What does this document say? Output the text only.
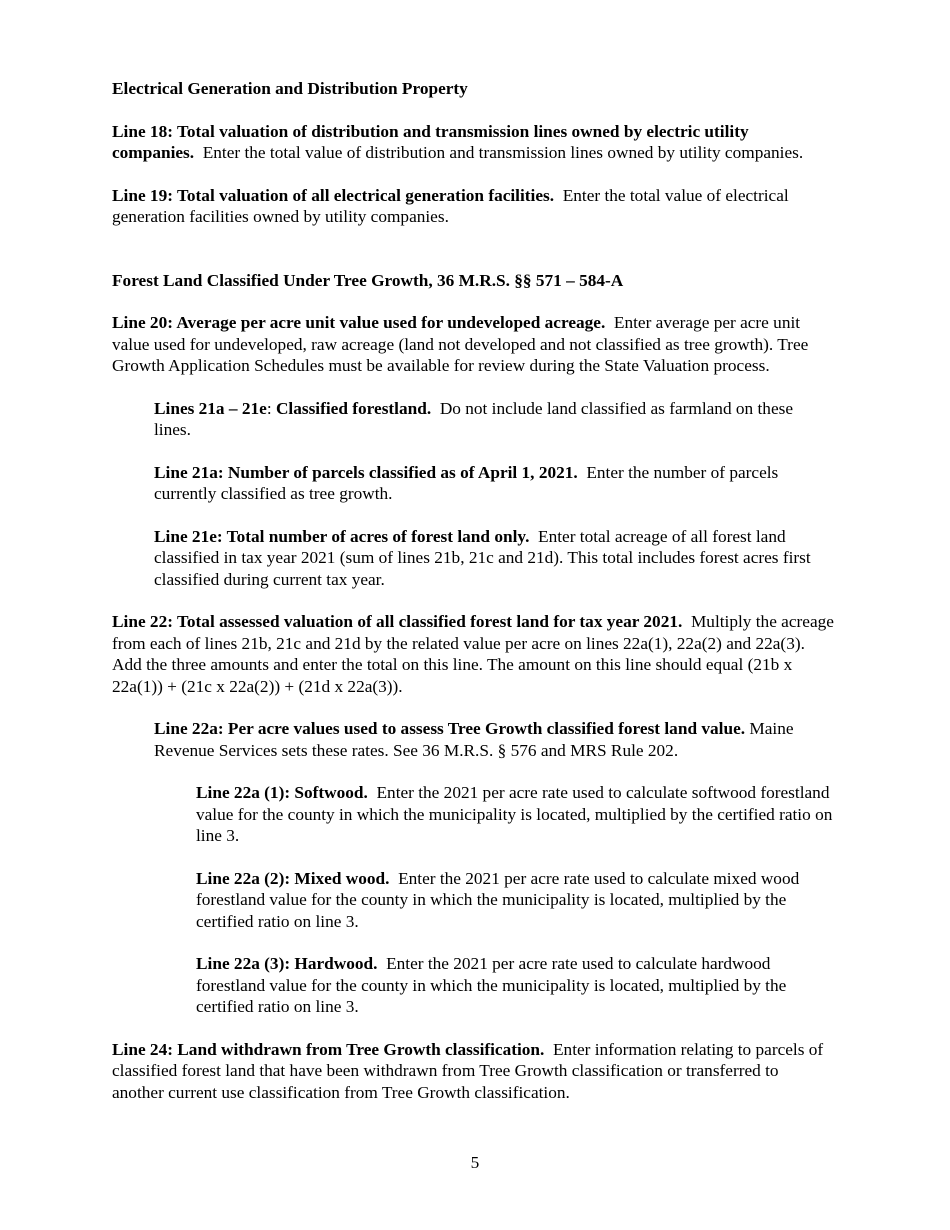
Electrical Generation and Distribution Property

Line 18: Total valuation of distribution and transmission lines owned by electric utility companies. Enter the total value of distribution and transmission lines owned by utility companies.

Line 19: Total valuation of all electrical generation facilities. Enter the total value of electrical generation facilities owned by utility companies.

Forest Land Classified Under Tree Growth, 36 M.R.S. §§ 571 – 584-A

Line 20: Average per acre unit value used for undeveloped acreage. Enter average per acre unit value used for undeveloped, raw acreage (land not developed and not classified as tree growth). Tree Growth Application Schedules must be available for review during the State Valuation process.

Lines 21a – 21e: Classified forestland. Do not include land classified as farmland on these lines.

Line 21a: Number of parcels classified as of April 1, 2021. Enter the number of parcels currently classified as tree growth.

Line 21e: Total number of acres of forest land only. Enter total acreage of all forest land classified in tax year 2021 (sum of lines 21b, 21c and 21d). This total includes forest acres first classified during current tax year.

Line 22: Total assessed valuation of all classified forest land for tax year 2021. Multiply the acreage from each of lines 21b, 21c and 21d by the related value per acre on lines 22a(1), 22a(2) and 22a(3). Add the three amounts and enter the total on this line. The amount on this line should equal (21b x 22a(1)) + (21c x 22a(2)) + (21d x 22a(3)).

Line 22a: Per acre values used to assess Tree Growth classified forest land value. Maine Revenue Services sets these rates. See 36 M.R.S. § 576 and MRS Rule 202.

Line 22a (1): Softwood. Enter the 2021 per acre rate used to calculate softwood forestland value for the county in which the municipality is located, multiplied by the certified ratio on line 3.

Line 22a (2): Mixed wood. Enter the 2021 per acre rate used to calculate mixed wood forestland value for the county in which the municipality is located, multiplied by the certified ratio on line 3.

Line 22a (3): Hardwood. Enter the 2021 per acre rate used to calculate hardwood forestland value for the county in which the municipality is located, multiplied by the certified ratio on line 3.

Line 24: Land withdrawn from Tree Growth classification. Enter information relating to parcels of classified forest land that have been withdrawn from Tree Growth classification or transferred to another current use classification from Tree Growth classification.

5
